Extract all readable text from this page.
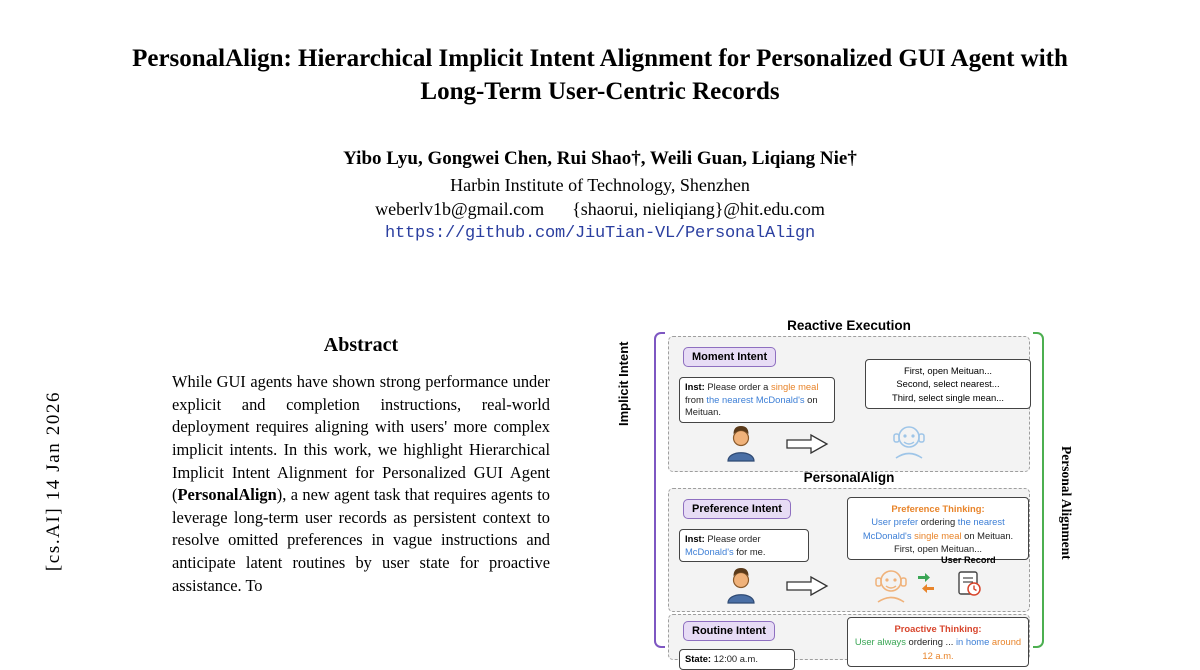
[cs.AI] 14 Jan 2026
PersonalAlign: Hierarchical Implicit Intent Alignment for Personalized GUI Agent with Long-Term User-Centric Records

Yibo Lyu, Gongwei Chen, Rui Shao†, Weili Guan, Liqiang Nie†

Harbin Institute of Technology, Shenzhen

weberlv1b@gmail.com {shaorui, nieliqiang}@hit.edu.com

https://github.com/JiuTian-VL/PersonalAlign
Abstract

While GUI agents have shown strong performance under explicit and completion instructions, real-world deployment requires aligning with users' more complex implicit intents. In this work, we highlight Hierarchical Implicit Intent Alignment for Personalized GUI Agent (PersonalAlign), a new agent task that requires agents to leverage long-term user records as persistent context to resolve omitted preferences in vague instructions and anticipate latent routines by user state for proactive assistance. To

Implicit Intent
Personal Alignment
Reactive Execution
Moment Intent
Inst: Please order a single meal from the nearest McDonald's on Meituan.
First, open Meituan...
Second, select nearest...
Third, select single mean...
PersonalAlign
Preference Intent
Inst: Please order McDonald's for me.
Preference Thinking:
User prefer ordering the nearest McDonald's single meal on Meituan.
First, open Meituan...
User Record
Routine Intent
State: 12:00 a.m.
Proactive Thinking:
User always ordering ... in home around 12 a.m.
